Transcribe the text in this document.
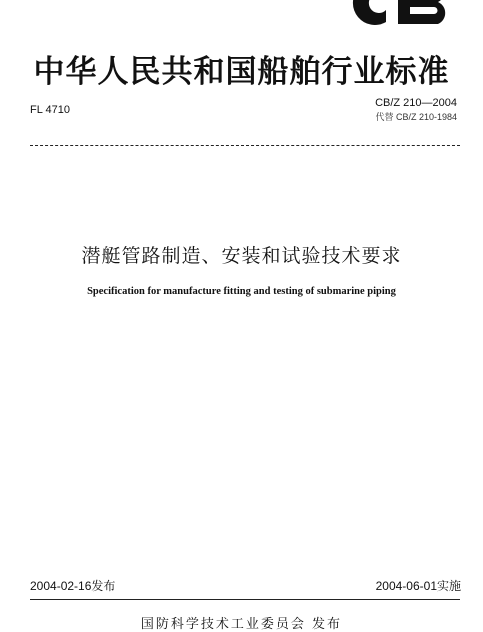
中华人民共和国船舶行业标准
FL 4710
CB/Z 210—2004
代替 CB/Z 210-1984
潜艇管路制造、安装和试验技术要求
Specification for manufacture fitting and testing of submarine piping
2004-02-16发布	2004-06-01实施
国防科学技术工业委员会 发布
